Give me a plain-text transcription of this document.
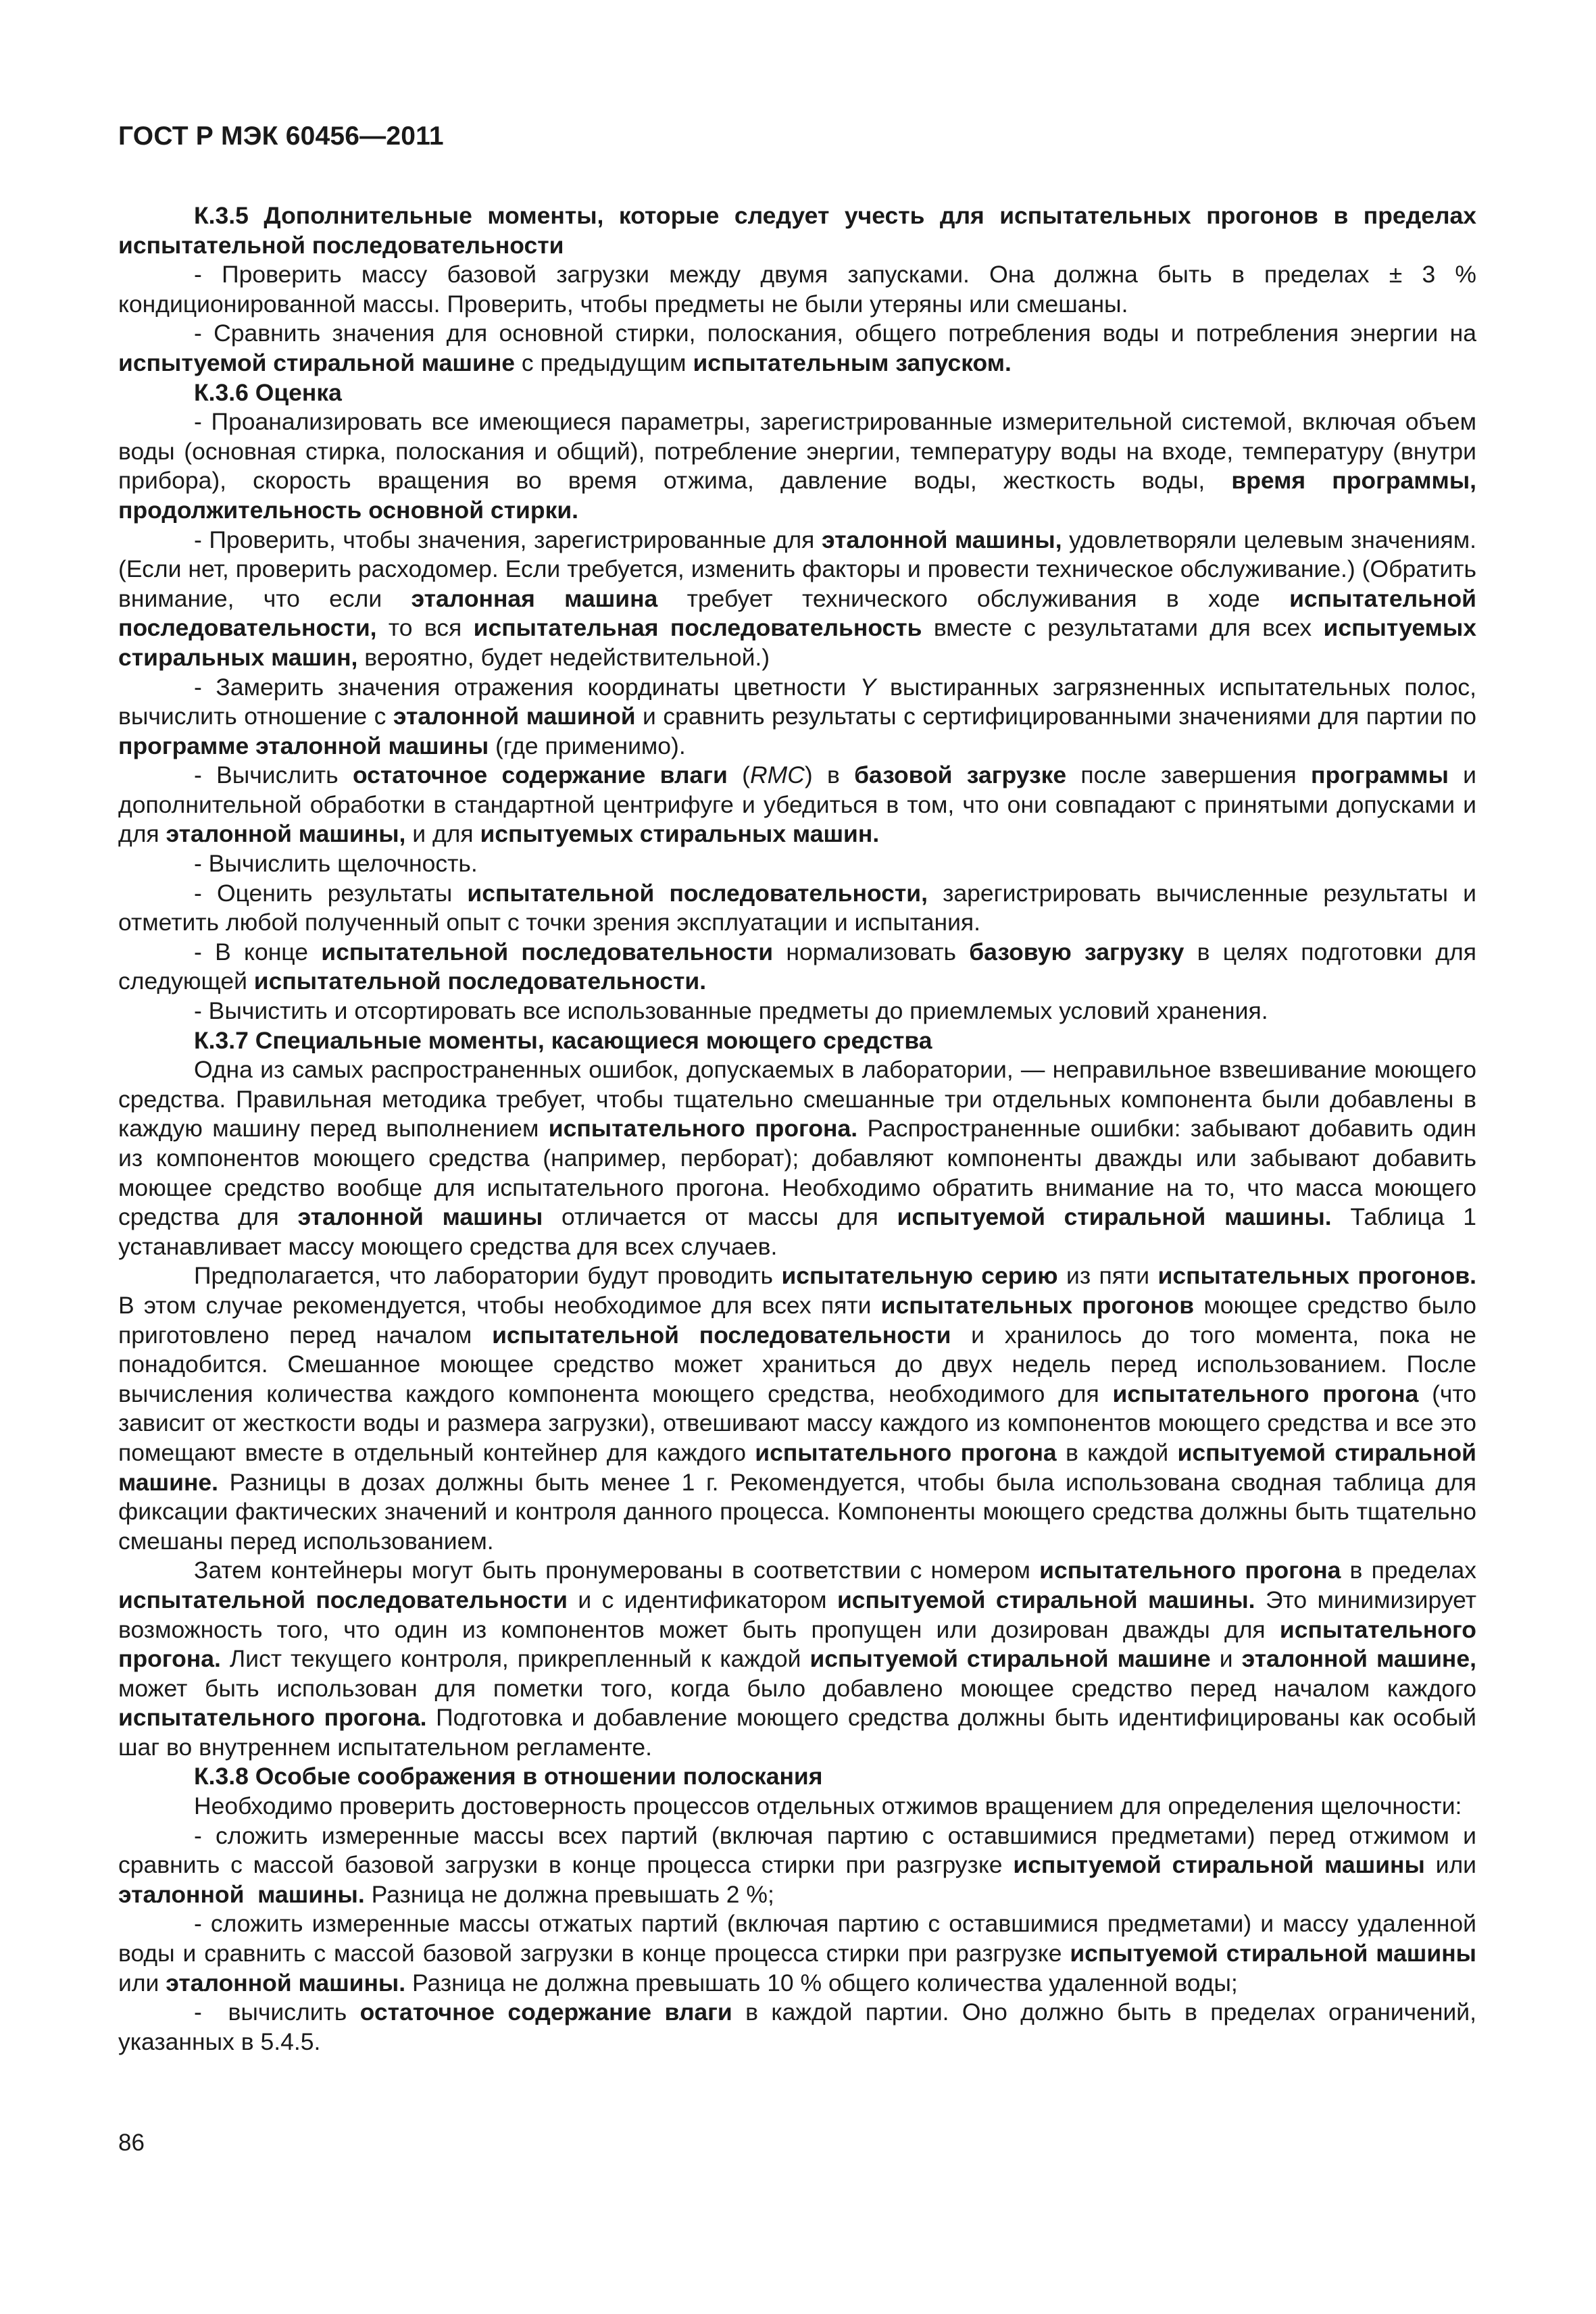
ГОСТ Р МЭК 60456—2011

К.3.5 Дополнительные моменты, которые следует учесть для испытательных прогонов в пределах испытательной последовательности

- Проверить массу базовой загрузки между двумя запусками. Она должна быть в пределах ± 3 % кондиционированной массы. Проверить, чтобы предметы не были утеряны или смешаны.

- Сравнить значения для основной стирки, полоскания, общего потребления воды и потребления энергии на испытуемой стиральной машине с предыдущим испытательным запуском.

К.3.6 Оценка

- Проанализировать все имеющиеся параметры, зарегистрированные измерительной системой, включая объем воды (основная стирка, полоскания и общий), потребление энергии, температуру воды на входе, температуру (внутри прибора), скорость вращения во время отжима, давление воды, жесткость воды, время программы, продолжительность основной стирки.

- Проверить, чтобы значения, зарегистрированные для эталонной машины, удовлетворяли целевым значениям. (Если нет, проверить расходомер. Если требуется, изменить факторы и провести техническое обслуживание.) (Обратить внимание, что если эталонная машина требует технического обслуживания в ходе испытательной последовательности, то вся испытательная последовательность вместе с результатами для всех испытуемых стиральных машин, вероятно, будет недействительной.)

- Замерить значения отражения координаты цветности Y выстиранных загрязненных испытательных полос, вычислить отношение с эталонной машиной и сравнить результаты с сертифицированными значениями для партии по программе эталонной машины (где применимо).

- Вычислить остаточное содержание влаги (RMC) в базовой загрузке после завершения программы и дополнительной обработки в стандартной центрифуге и убедиться в том, что они совпадают с принятыми допусками и для эталонной машины, и для испытуемых стиральных машин.

- Вычислить щелочность.

- Оценить результаты испытательной последовательности, зарегистрировать вычисленные результаты и отметить любой полученный опыт с точки зрения эксплуатации и испытания.

- В конце испытательной последовательности нормализовать базовую загрузку в целях подготовки для следующей испытательной последовательности.

- Вычистить и отсортировать все использованные предметы до приемлемых условий хранения.

К.3.7 Специальные моменты, касающиеся моющего средства

Одна из самых распространенных ошибок, допускаемых в лаборатории, — неправильное взвешивание моющего средства. Правильная методика требует, чтобы тщательно смешанные три отдельных компонента были добавлены в каждую машину перед выполнением испытательного прогона. Распространенные ошибки: забывают добавить один из компонентов моющего средства (например, перборат); добавляют компоненты дважды или забывают добавить моющее средство вообще для испытательного прогона. Необходимо обратить внимание на то, что масса моющего средства для эталонной машины отличается от массы для испытуемой стиральной машины. Таблица 1 устанавливает массу моющего средства для всех случаев.

Предполагается, что лаборатории будут проводить испытательную серию из пяти испытательных прогонов. В этом случае рекомендуется, чтобы необходимое для всех пяти испытательных прогонов моющее средство было приготовлено перед началом испытательной последовательности и хранилось до того момента, пока не понадобится. Смешанное моющее средство может храниться до двух недель перед использованием. После вычисления количества каждого компонента моющего средства, необходимого для испытательного прогона (что зависит от жесткости воды и размера загрузки), отвешивают массу каждого из компонентов моющего средства и все это помещают вместе в отдельный контейнер для каждого испытательного прогона в каждой испытуемой стиральной машине. Разницы в дозах должны быть менее 1 г. Рекомендуется, чтобы была использована сводная таблица для фиксации фактических значений и контроля данного процесса. Компоненты моющего средства должны быть тщательно смешаны перед использованием.

Затем контейнеры могут быть пронумерованы в соответствии с номером испытательного прогона в пределах испытательной последовательности и с идентификатором испытуемой стиральной машины. Это минимизирует возможность того, что один из компонентов может быть пропущен или дозирован дважды для испытательного прогона. Лист текущего контроля, прикрепленный к каждой испытуемой стиральной машине и эталонной машине, может быть использован для пометки того, когда было добавлено моющее средство перед началом каждого испытательного прогона. Подготовка и добавление моющего средства должны быть идентифицированы как особый шаг во внутреннем испытательном регламенте.

К.3.8 Особые соображения в отношении полоскания

Необходимо проверить достоверность процессов отдельных отжимов вращением для определения щелочности:

- сложить измеренные массы всех партий (включая партию с оставшимися предметами) перед отжимом и сравнить с массой базовой загрузки в конце процесса стирки при разгрузке испытуемой стиральной машины или эталонной  машины. Разница не должна превышать 2 %;

- сложить измеренные массы отжатых партий (включая партию с оставшимися предметами) и массу удаленной воды и сравнить с массой базовой загрузки в конце процесса стирки при разгрузке испытуемой стиральной машины или эталонной машины. Разница не должна превышать 10 % общего количества удаленной воды;

-  вычислить остаточное содержание влаги в каждой партии. Оно должно быть в пределах ограничений, указанных в 5.4.5.

86
